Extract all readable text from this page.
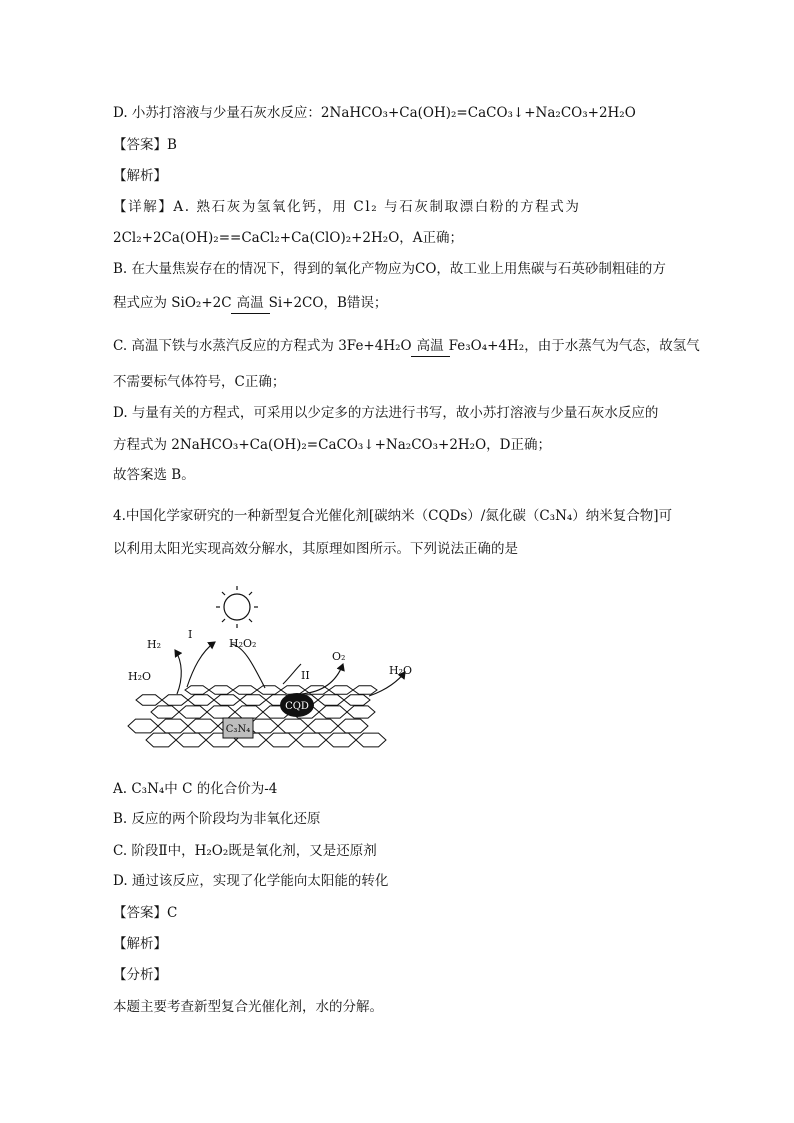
D. 小苏打溶液与少量石灰水反应：2NaHCO₃+Ca(OH)₂=CaCO₃↓+Na₂CO₃+2H₂O
【答案】B
【解析】
【详解】A. 熟石灰为氢氧化钙，用 Cl₂ 与石灰制取漂白粉的方程式为
2Cl₂+2Ca(OH)₂==CaCl₂+Ca(ClO)₂+2H₂O，A正确；
B. 在大量焦炭存在的情况下，得到的氧化产物应为CO，故工业上用焦碳与石英砂制粗硅的方
程式应为 SiO₂+2C 高温 Si+2CO，B错误；
C. 高温下铁与水蒸汽反应的方程式为 3Fe+4H₂O 高温 Fe₃O₄+4H₂，由于水蒸气为气态，故氢气
不需要标气体符号，C正确；
D. 与量有关的方程式，可采用以少定多的方法进行书写，故小苏打溶液与少量石灰水反应的
方程式为 2NaHCO₃+Ca(OH)₂=CaCO₃↓+Na₂CO₃+2H₂O，D正确；
故答案选 B。
4.中国化学家研究的一种新型复合光催化剂[碳纳米（CQDs）/氮化碳（C₃N₄）纳米复合物]可
以利用太阳光实现高效分解水，其原理如图所示。下列说法正确的是
C₃N₄
CQD
H₂
I
H₂O₂
H₂O	II
O₂
H₂O
A. C₃N₄中 C 的化合价为-4
B. 反应的两个阶段均为非氧化还原
C. 阶段Ⅱ中，H₂O₂既是氧化剂，又是还原剂
D. 通过该反应，实现了化学能向太阳能的转化
【答案】C
【解析】
【分析】
本题主要考查新型复合光催化剂，水的分解。
